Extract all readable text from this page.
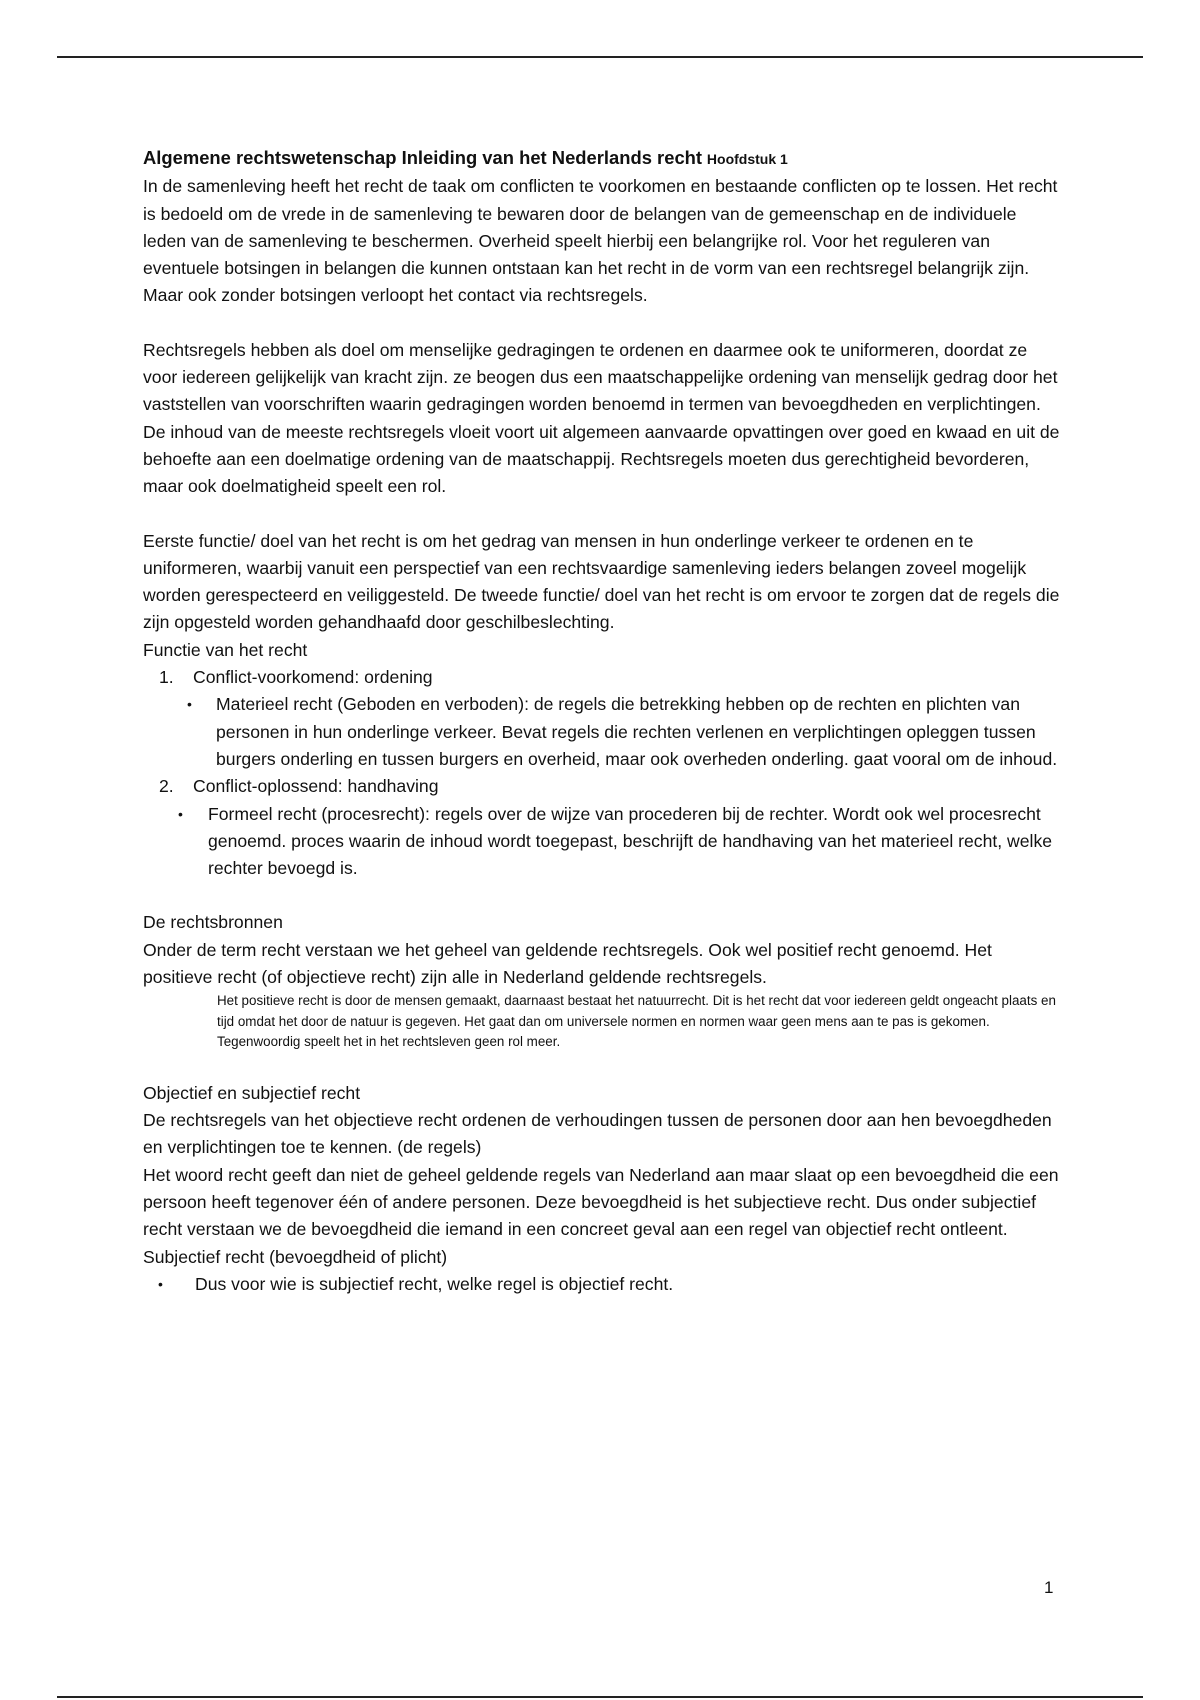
Algemene rechtswetenschap Inleiding van het Nederlands recht Hoofdstuk 1

In de samenleving heeft het recht de taak om conflicten te voorkomen en bestaande conflicten op te lossen. Het recht is bedoeld om de vrede in de samenleving te bewaren door de belangen van de gemeenschap en de individuele leden van de samenleving te beschermen. Overheid speelt hierbij een belangrijke rol. Voor het reguleren van eventuele botsingen in belangen die kunnen ontstaan kan het recht in de vorm van een rechtsregel belangrijk zijn. Maar ook zonder botsingen verloopt het contact via rechtsregels.

Rechtsregels hebben als doel om menselijke gedragingen te ordenen en daarmee ook te uniformeren, doordat ze voor iedereen gelijkelijk van kracht zijn. ze beogen dus een maatschappelijke ordening van menselijk gedrag door het vaststellen van voorschriften waarin gedragingen worden benoemd in termen van bevoegdheden en verplichtingen.

De inhoud van de meeste rechtsregels vloeit voort uit algemeen aanvaarde opvattingen over goed en kwaad en uit de behoefte aan een doelmatige ordening van de maatschappij. Rechtsregels moeten dus gerechtigheid bevorderen, maar ook doelmatigheid speelt een rol.

Eerste functie/ doel van het recht is om het gedrag van mensen in hun onderlinge verkeer te ordenen en te uniformeren, waarbij vanuit een perspectief van een rechtsvaardige samenleving ieders belangen zoveel mogelijk worden gerespecteerd en veiliggesteld. De tweede functie/ doel van het recht is om ervoor te zorgen dat de regels die zijn opgesteld worden gehandhaafd door geschilbeslechting.

Functie van het recht

1. Conflict-voorkomend: ordening
• Materieel recht (Geboden en verboden): de regels die betrekking hebben op de rechten en plichten van personen in hun onderlinge verkeer. Bevat regels die rechten verlenen en verplichtingen opleggen tussen burgers onderling en tussen burgers en overheid, maar ook overheden onderling. gaat vooral om de inhoud.
2. Conflict-oplossend: handhaving
• Formeel recht (procesrecht): regels over de wijze van procederen bij de rechter. Wordt ook wel procesrecht genoemd. proces waarin de inhoud wordt toegepast, beschrijft de handhaving van het materieel recht, welke rechter bevoegd is.

De rechtsbronnen

Onder de term recht verstaan we het geheel van geldende rechtsregels. Ook wel positief recht genoemd. Het positieve recht (of objectieve recht) zijn alle in Nederland geldende rechtsregels.

Het positieve recht is door de mensen gemaakt, daarnaast bestaat het natuurrecht. Dit is het recht dat voor iedereen geldt ongeacht plaats en tijd omdat het door de natuur is gegeven. Het gaat dan om universele normen en normen waar geen mens aan te pas is gekomen. Tegenwoordig speelt het in het rechtsleven geen rol meer.

Objectief en subjectief recht

De rechtsregels van het objectieve recht ordenen de verhoudingen tussen de personen door aan hen bevoegdheden en verplichtingen toe te kennen. (de regels)

Het woord recht geeft dan niet de geheel geldende regels van Nederland aan maar slaat op een bevoegdheid die een persoon heeft tegenover één of andere personen. Deze bevoegdheid is het subjectieve recht. Dus onder subjectief recht verstaan we de bevoegdheid die iemand in een concreet geval aan een regel van objectief recht ontleent. Subjectief recht (bevoegdheid of plicht)

• Dus voor wie is subjectief recht, welke regel is objectief recht.

1
